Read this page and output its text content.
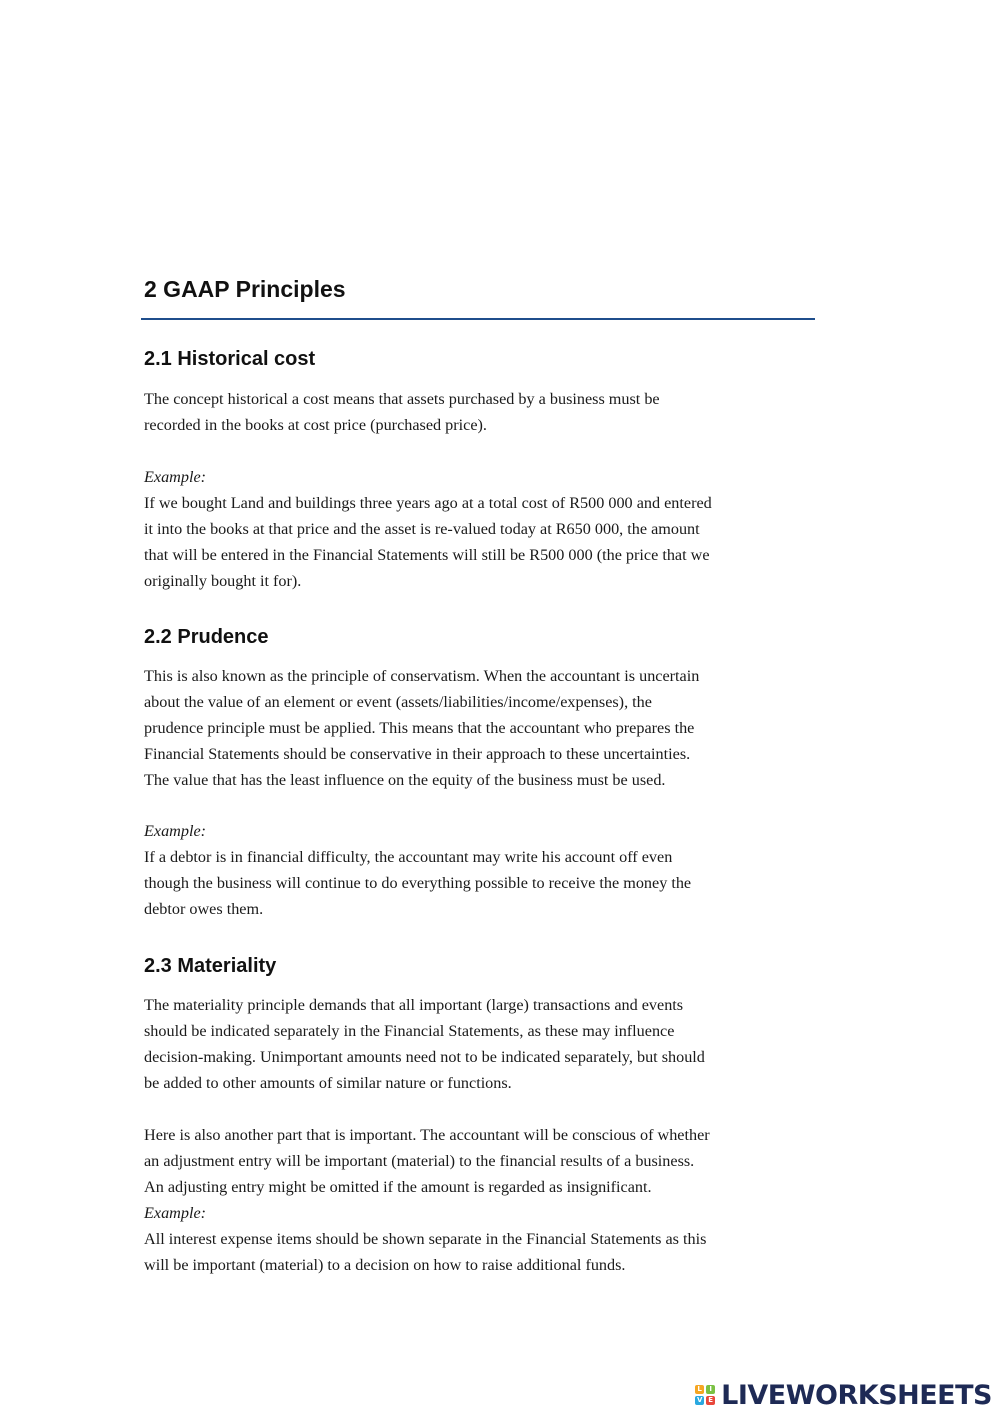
2 GAAP Principles
2.1 Historical cost

The concept historical a cost means that assets purchased by a business must be
recorded in the books at cost price (purchased price).

Example:

If we bought Land and buildings three years ago at a total cost of R500 000 and entered
it into the books at that price and the asset is re-valued today at R650 000, the amount
that will be entered in the Financial Statements will still be R500 000 (the price that we
originally bought it for).

2.2 Prudence

This is also known as the principle of conservatism. When the accountant is uncertain
about the value of an element or event (assets/liabilities/income/expenses), the
prudence principle must be applied. This means that the accountant who prepares the
Financial Statements should be conservative in their approach to these uncertainties.
The value that has the least influence on the equity of the business must be used.

Example:

If a debtor is in financial difficulty, the accountant may write his account off even
though the business will continue to do everything possible to receive the money the
debtor owes them.

2.3 Materiality

The materiality principle demands that all important (large) transactions and events
should be indicated separately in the Financial Statements, as these may influence
decision-making. Unimportant amounts need not to be indicated separately, but should
be added to other amounts of similar nature or functions.

Here is also another part that is important. The accountant will be conscious of whether
an adjustment entry will be important (material) to the financial results of a business.
An adjusting entry might be omitted if the amount is regarded as insignificant.

Example:

All interest expense items should be shown separate in the Financial Statements as this
will be important (material) to a decision on how to raise additional funds.

L	I
V E LIVEWORKSHEETS
